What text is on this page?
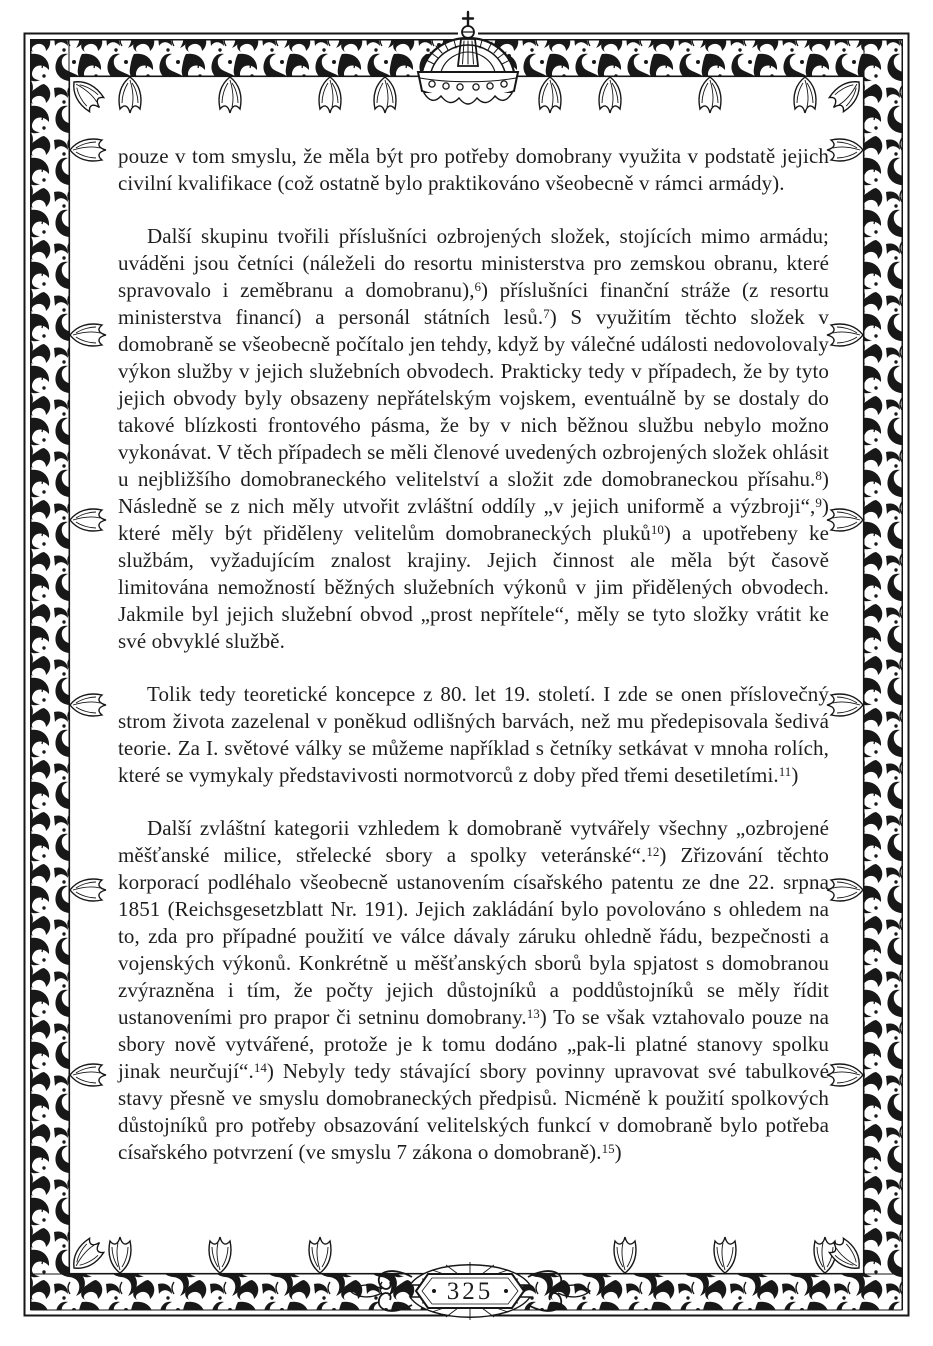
pouze v tom smyslu, že měla být pro potřeby domobrany využita v podstatě jejich civilní kvalifikace (což ostatně bylo praktikováno všeobecně v rámci armády).

Další skupinu tvořili příslušníci ozbrojených složek, stojících mimo armádu; uváděni jsou četníci (náleželi do resortu ministerstva pro zemskou obranu, které spravovalo i zeměbranu a domobranu),$^6$) příslušníci finanční stráže (z resortu ministerstva financí) a personál státních lesů.$^7$) S využitím těchto složek v domobraně se všeobecně počítalo jen tehdy, když by válečné události nedovolovaly výkon služby v jejich služebních obvodech. Prakticky tedy v případech, že by tyto jejich obvody byly obsazeny nepřátelským vojskem, eventuálně by se dostaly do takové blízkosti frontového pásma, že by v nich běžnou službu nebylo možno vykonávat. V těch případech se měli členové uvedených ozbrojených složek ohlásit u nejbližšího domobraneckého velitelství a složit zde domobraneckou přísahu.$^8$) Následně se z nich měly utvořit zvláštní oddíly „v jejich uniformě a výzbroji“,$^9$) které měly být přiděleny velitelům domobraneckých pluků$^{10}$) a upotřebeny ke službám, vyžadujícím znalost krajiny. Jejich činnost ale měla být časově limitována nemožností běžných služebních výkonů v jim přidělených obvodech. Jakmile byl jejich služební obvod „prost nepřítele“, měly se tyto složky vrátit ke své obvyklé službě.

Tolik tedy teoretické koncepce z 80. let 19. století. I zde se onen příslovečný strom života zazelenal v poněkud odlišných barvách, než mu předepisovala šedivá teorie. Za I. světové války se můžeme například s četníky setkávat v mnoha rolích, které se vymykaly představivosti normotvorců z doby před třemi desetiletími.$^{11}$)

Další zvláštní kategorii vzhledem k domobraně vytvářely všechny „ozbrojené měšťanské milice, střelecké sbory a spolky veteránské“.$^{12}$) Zřizování těchto korporací podléhalo všeobecně ustanovením císařského patentu ze dne 22. srpna 1851 (Reichsgesetzblatt Nr. 191). Jejich zakládání bylo povolováno s ohledem na to, zda pro případné použití ve válce dávaly záruku ohledně řádu, bezpečnosti a vojenských výkonů. Konkrétně u měšťanských sborů byla spjatost s domobranou zvýrazněna i tím, že počty jejich důstojníků a poddůstojníků se měly řídit ustanoveními pro prapor či setninu domobrany.$^{13}$) To se však vztahovalo pouze na sbory nově vytvářené, protože je k tomu dodáno „pak-li platné stanovy spolku jinak neurčují“.$^{14}$) Nebyly tedy stávající sbory povinny upravovat své tabulkové stavy přesně ve smyslu domobraneckých předpisů. Nicméně k použití spolkových důstojníků pro potřeby obsazování velitelských funkcí v domobraně bylo potřeba císařského potvrzení (ve smyslu 7 zákona o domobraně).$^{15}$)

325
